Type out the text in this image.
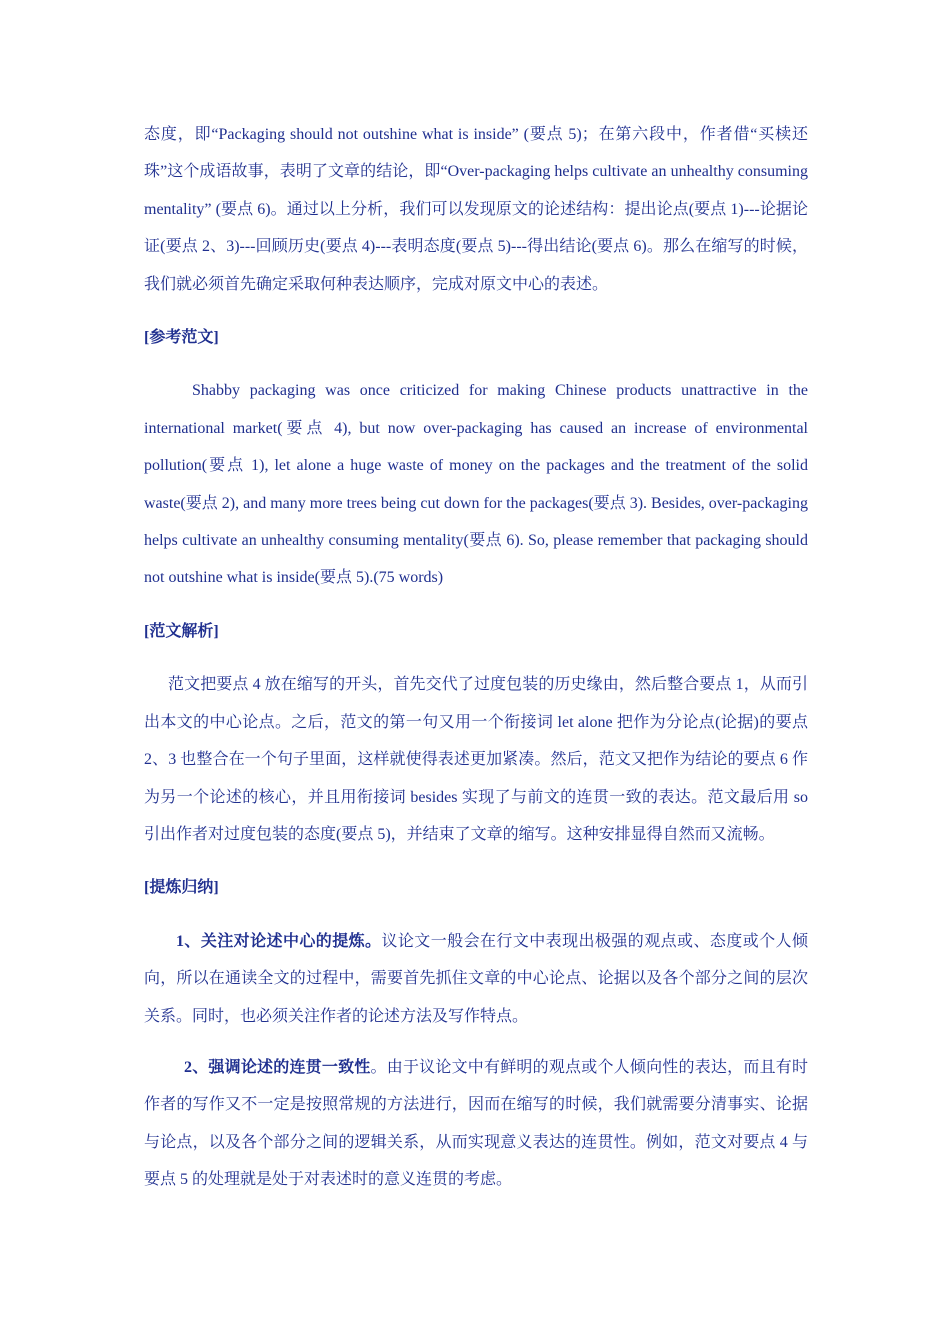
态度，即“Packaging should not outshine what is inside” (要点 5)；在第六段中，作者借“买椟还珠”这个成语故事，表明了文章的结论，即“Over-packaging helps cultivate an unhealthy consuming mentality” (要点 6)。通过以上分析，我们可以发现原文的论述结构：提出论点(要点 1)---论据论证(要点 2、3)---回顾历史(要点 4)---表明态度(要点 5)---得出结论(要点 6)。那么在缩写的时候，我们就必须首先确定采取何种表达顺序，完成对原文中心的表述。

[参考范文]

Shabby packaging was once criticized for making Chinese products unattractive in the international market(要点 4), but now over-packaging has caused an increase of environmental pollution(要点 1), let alone a huge waste of money on the packages and the treatment of the solid waste(要点 2), and many more trees being cut down for the packages(要点 3). Besides, over-packaging helps cultivate an unhealthy consuming mentality(要点 6). So, please remember that packaging should not outshine what is inside(要点 5).(75 words)

[范文解析]

范文把要点 4 放在缩写的开头，首先交代了过度包装的历史缘由，然后整合要点 1，从而引出本文的中心论点。之后，范文的第一句又用一个衔接词 let alone 把作为分论点(论据)的要点 2、3 也整合在一个句子里面，这样就使得表述更加紧凑。然后，范文又把作为结论的要点 6 作为另一个论述的核心，并且用衔接词 besides 实现了与前文的连贯一致的表达。范文最后用 so 引出作者对过度包装的态度(要点 5)，并结束了文章的缩写。这种安排显得自然而又流畅。

[提炼归纳]

1、关注对论述中心的提炼。议论文一般会在行文中表现出极强的观点或、态度或个人倾向，所以在通读全文的过程中，需要首先抓住文章的中心论点、论据以及各个部分之间的层次关系。同时，也必须关注作者的论述方法及写作特点。

2、强调论述的连贯一致性。由于议论文中有鲜明的观点或个人倾向性的表达，而且有时作者的写作又不一定是按照常规的方法进行，因而在缩写的时候，我们就需要分清事实、论据与论点，以及各个部分之间的逻辑关系，从而实现意义表达的连贯性。例如，范文对要点 4 与要点 5 的处理就是处于对表述时的意义连贯的考虑。
